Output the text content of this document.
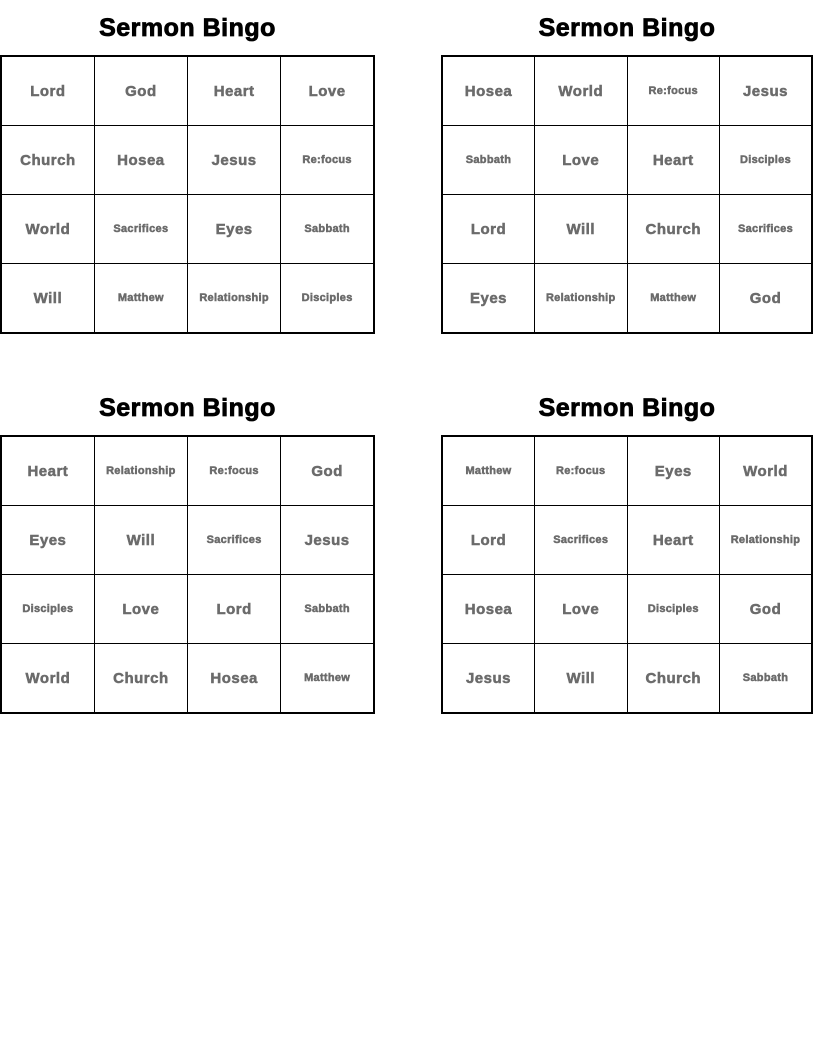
Sermon Bingo
Lord	God	Heart	Love
Church	Hosea	Jesus	Re:focus
World	Sacrifices	Eyes	Sabbath
Will	Matthew	Relationship	Disciples
Sermon Bingo
Hosea	World	Re:focus	Jesus
Sabbath	Love	Heart	Disciples
Lord	Will	Church	Sacrifices
Eyes	Relationship	Matthew	God
Sermon Bingo
Heart	Relationship	Re:focus	God
Eyes	Will	Sacrifices	Jesus
Disciples	Love	Lord	Sabbath
World	Church	Hosea	Matthew
Sermon Bingo
Matthew	Re:focus	Eyes	World
Lord	Sacrifices	Heart	Relationship
Hosea	Love	Disciples	God
Jesus	Will	Church	Sabbath
